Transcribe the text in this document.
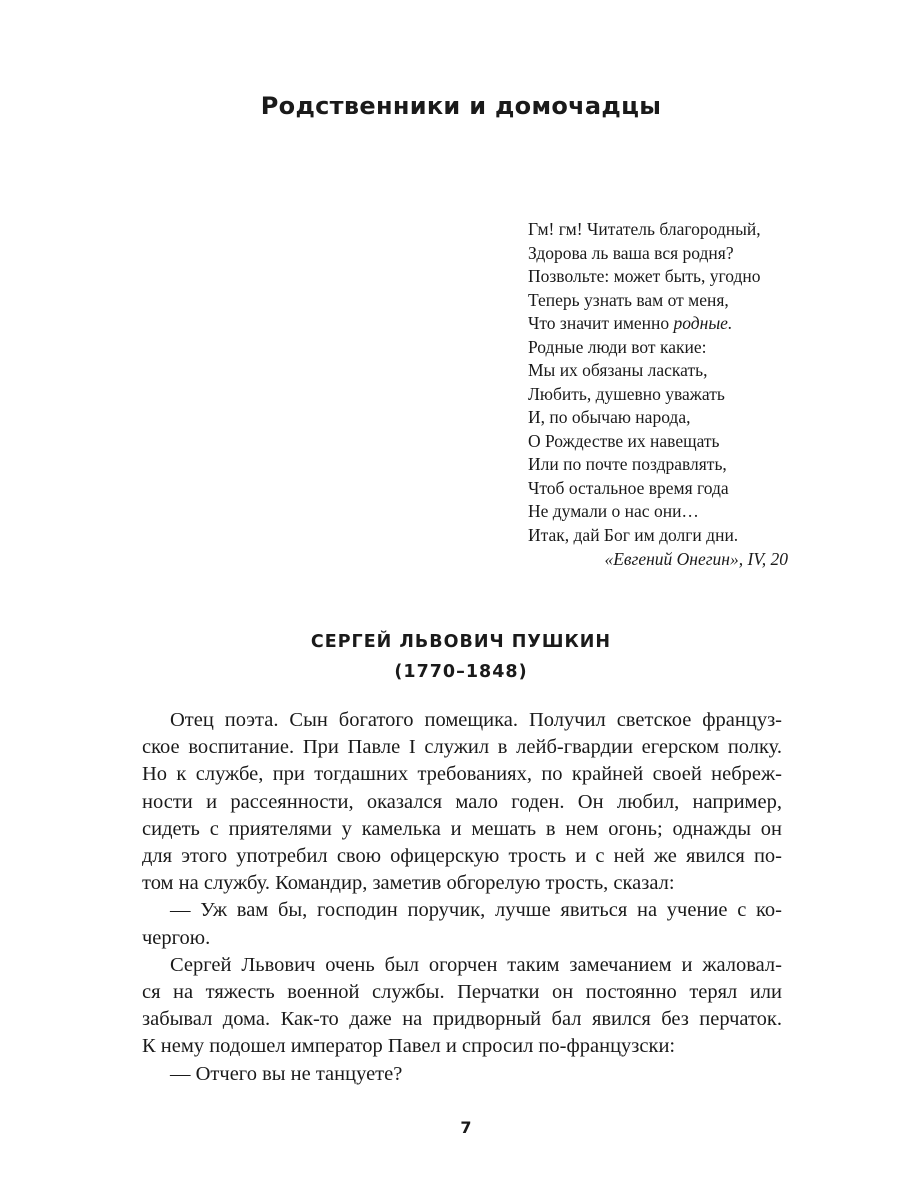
Родственники и домочадцы
Гм! гм! Читатель благородный,
Здорова ль ваша вся родня?
Позвольте: может быть, угодно
Теперь узнать вам от меня,
Что значит именно родные.
Родные люди вот какие:
Мы их обязаны ласкать,
Любить, душевно уважать
И, по обычаю народа,
О Рождестве их навещать
Или по почте поздравлять,
Чтоб остальное время года
Не думали о нас они…
Итак, дай Бог им долги дни.
«Евгений Онегин», IV, 20
СЕРГЕЙ ЛЬВОВИЧ ПУШКИН
(1770–1848)
Отец поэта. Сын богатого помещика. Получил светское француз-
ское воспитание. При Павле I служил в лейб-гвардии егерском полку.
Но к службе, при тогдашних требованиях, по крайней своей небреж-
ности и рассеянности, оказался мало годен. Он любил, например,
сидеть с приятелями у камелька и мешать в нем огонь; однажды он
для этого употребил свою офицерскую трость и с ней же явился по-
том на службу. Командир, заметив обгорелую трость, сказал:
— Уж вам бы, господин поручик, лучше явиться на учение с ко-
чергою.
Сергей Львович очень был огорчен таким замечанием и жаловал-
ся на тяжесть военной службы. Перчатки он постоянно терял или
забывал дома. Как-то даже на придворный бал явился без перчаток.
К нему подошел император Павел и спросил по-французски:
— Отчего вы не танцуете?
7
